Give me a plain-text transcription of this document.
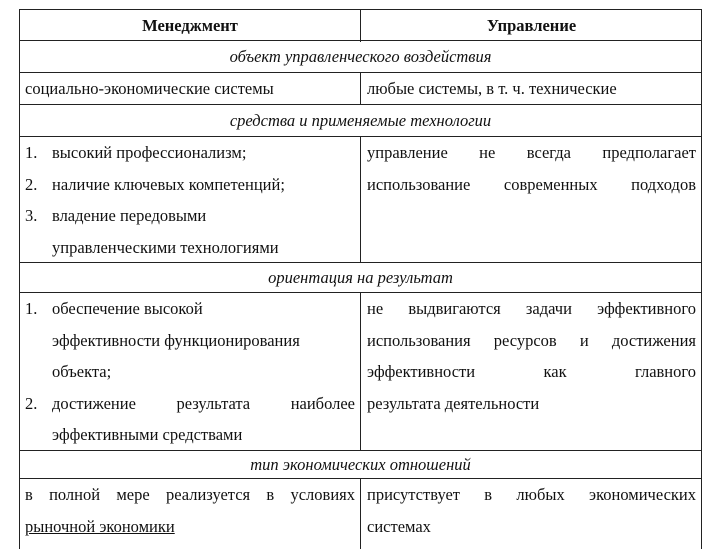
Менеджмент	Управление
объект управленческого воздействия
социально-экономические системы	любые системы, в т. ч. технические
средства и применяемые технологии
1. высокий профессионализм;
2. наличие ключевых компетенций;
3. владение передовыми
управленческими технологиями
управление не всегда предполагает
использование современных подходов
ориентация на результат
1. обеспечение высокой
эффективности функционирования
объекта;
2. достижение результата наиболее
эффективными средствами
не выдвигаются задачи эффективного
использования ресурсов и достижения
эффективности как главного
результата деятельности
тип экономических отношений
в полной мере реализуется в условиях
рыночной экономики
присутствует в любых экономических
системах
